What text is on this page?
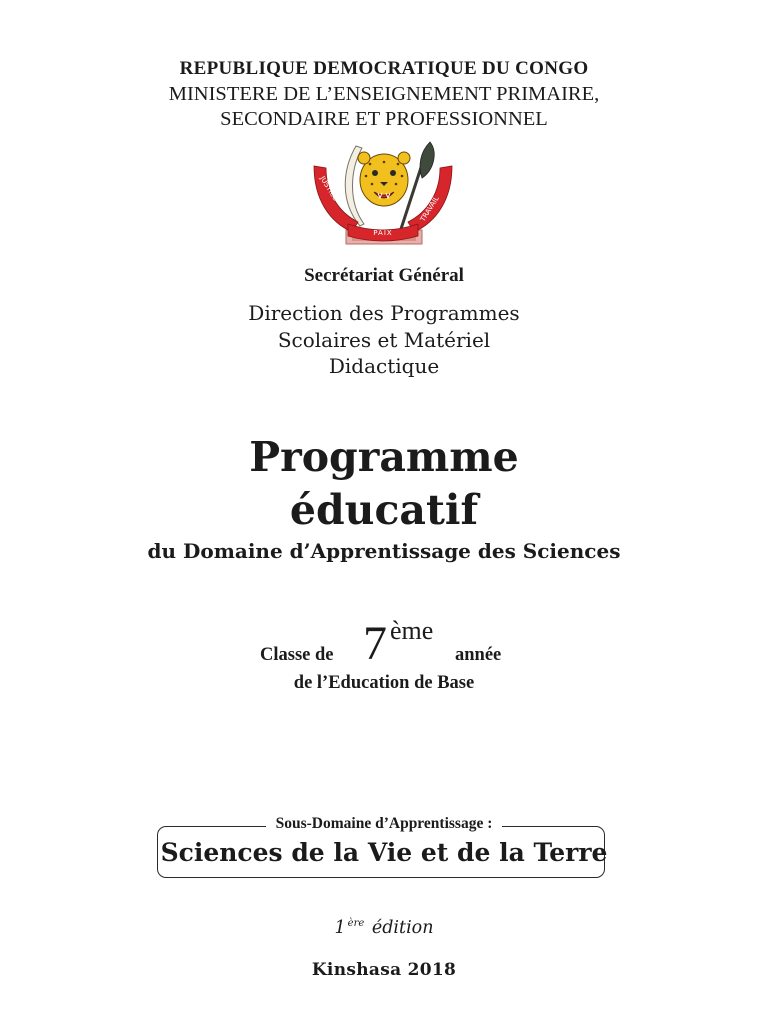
REPUBLIQUE DEMOCRATIQUE DU CONGO
MINISTERE DE L’ENSEIGNEMENT PRIMAIRE,
SECONDAIRE ET PROFESSIONNEL
JUSTICE
TRAVAIL
PAIX
Secrétariat Général
Direction des Programmes
Scolaires et Matériel
Didactique
Programme
éducatif
du Domaine d’Apprentissage des Sciences
Classe de 7 ème
année
de l’Education de Base
Sous-Domaine d’Apprentissage :
Sciences de la Vie et de la Terre
1 $^{ère}$ édition
Kinshasa 2018
